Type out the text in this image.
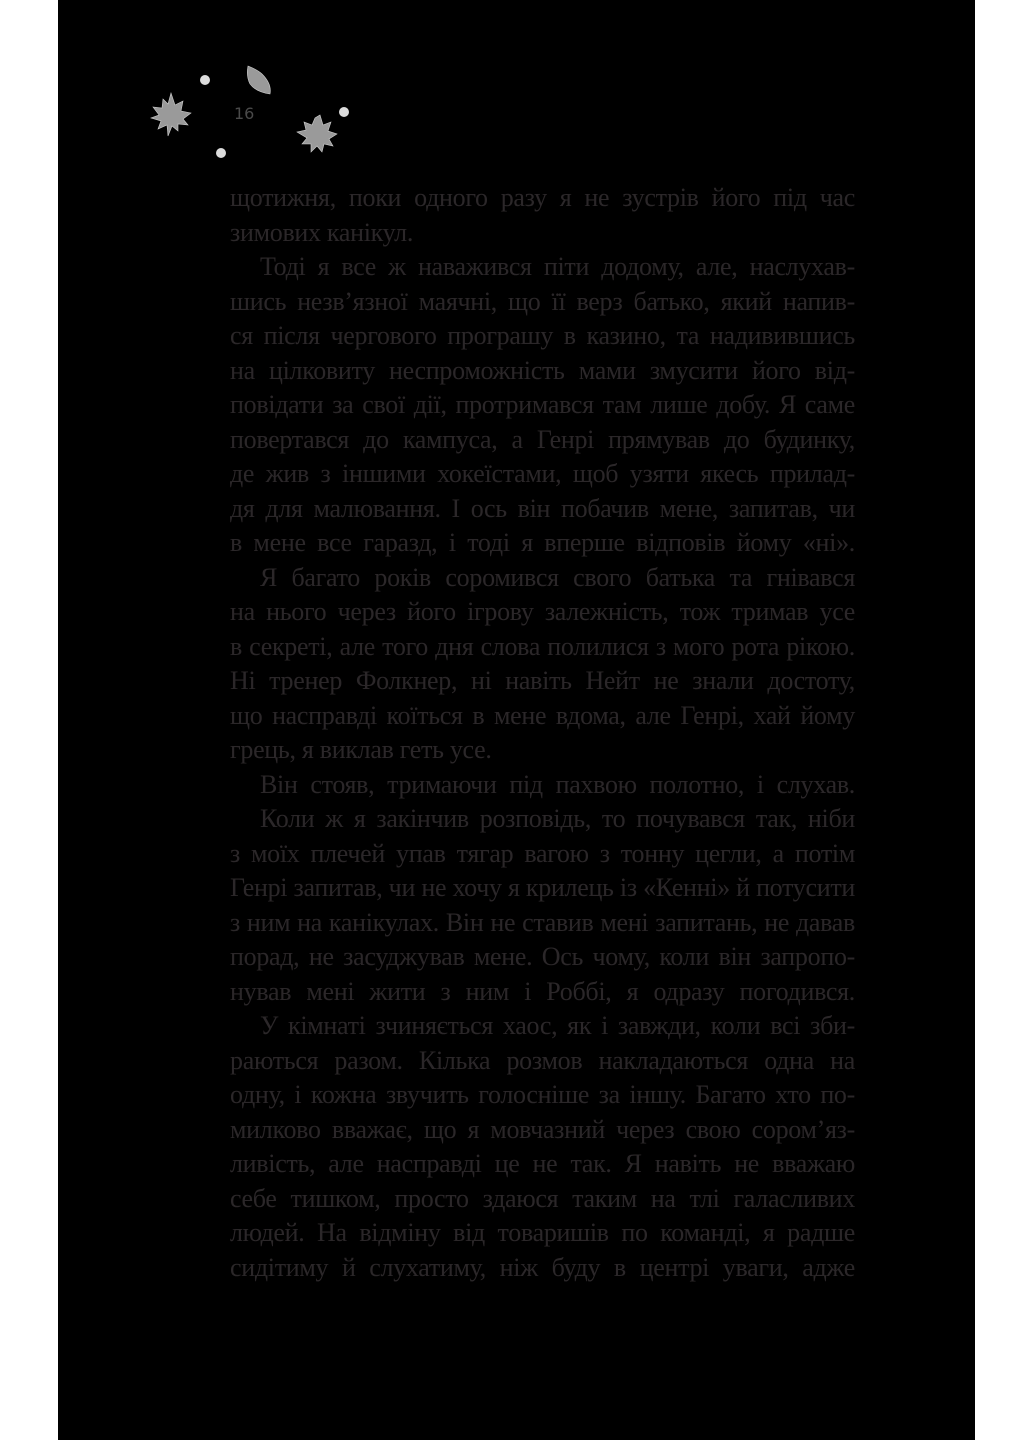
16
щотижня, поки одного разу я не зустрів його під час
зимових канікул.
Тоді я все ж наважився піти додому, але, наслухав-
шись незв’язної маячні, що її верз батько, який напив-
ся після чергового програшу в казино, та надивившись
на цілковиту неспроможність мами змусити його від-
повідати за свої дії, протримався там лише добу. Я саме
повертався до кампуса, а Генрі прямував до будинку,
де жив з іншими хокеїстами, щоб узяти якесь прилад-
дя для малювання. І ось він побачив мене, запитав, чи
в мене все гаразд, і тоді я вперше відповів йому «ні».
Я багато років соромився свого батька та гнівався
на нього через його ігрову залежність, тож тримав усе
в секреті, але того дня слова полилися з мого рота рікою.
Ні тренер Фолкнер, ні навіть Нейт не знали достоту,
що насправді коїться в мене вдома, але Генрі, хай йому
грець, я виклав геть усе.
Він стояв, тримаючи під пахвою полотно, і слухав.
Коли ж я закінчив розповідь, то почувався так, ніби
з моїх плечей упав тягар вагою з тонну цегли, а потім
Генрі запитав, чи не хочу я крилець із «Кенні» й потусити
з ним на канікулах. Він не ставив мені запитань, не давав
порад, не засуджував мене. Ось чому, коли він запропо-
нував мені жити з ним і Роббі, я одразу погодився.
У кімнаті зчиняється хаос, як і завжди, коли всі зби-
раються разом. Кілька розмов накладаються одна на
одну, і кожна звучить голосніше за іншу. Багато хто по-
милково вважає, що я мовчазний через свою сором’яз-
ливість, але насправді це не так. Я навіть не вважаю
себе тишком, просто здаюся таким на тлі галасливих
людей. На відміну від товаришів по команді, я радше
сидітиму й слухатиму, ніж буду в центрі уваги, адже
